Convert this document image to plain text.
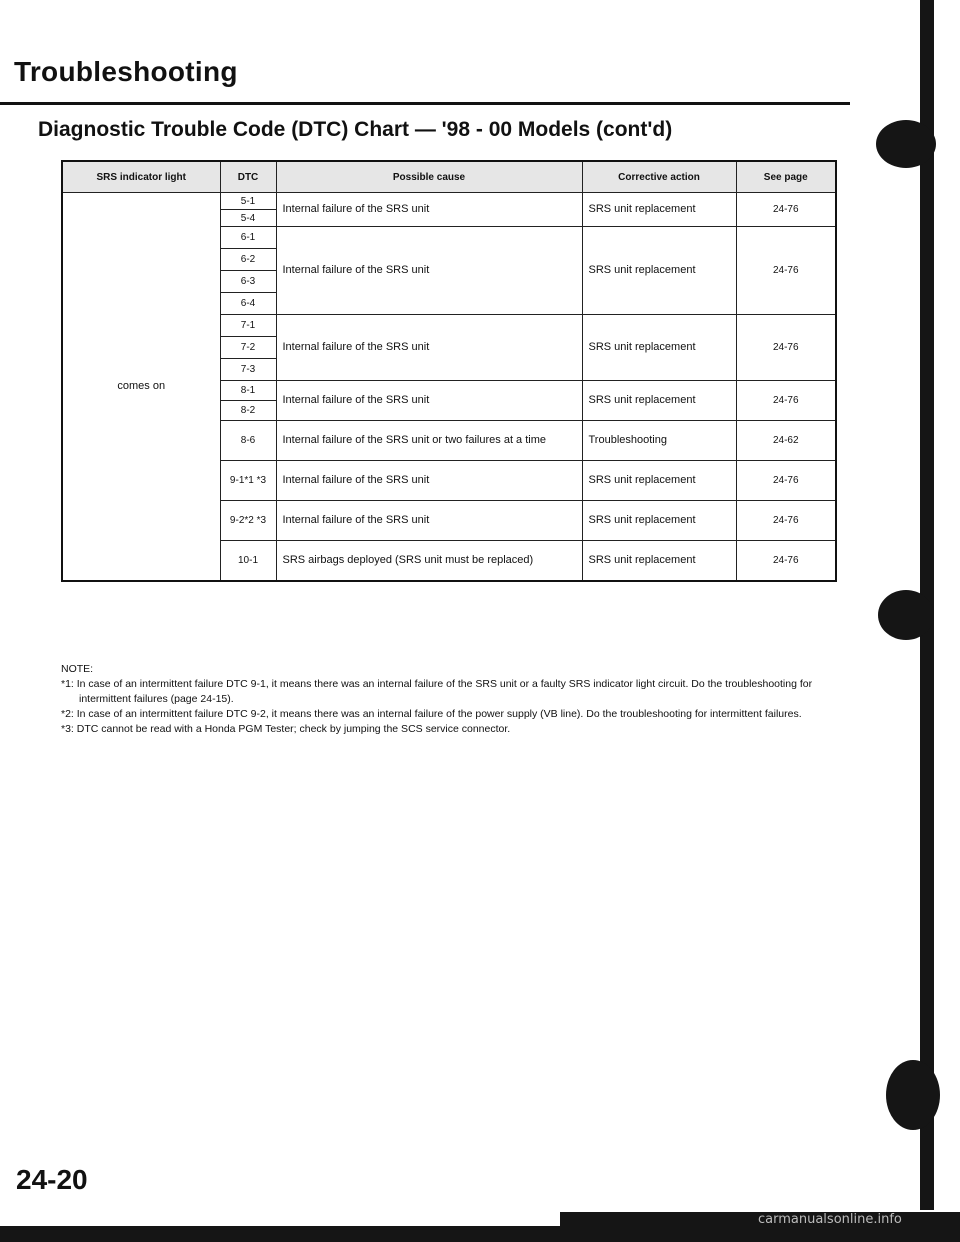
Troubleshooting
Diagnostic Trouble Code (DTC) Chart — '98 - 00 Models (cont'd)
SRS indicator light	DTC	Possible cause	Corrective action	See page
comes on	5-1	Internal failure of the SRS unit	SRS unit replacement	24-76
	5-4			
	6-1	Internal failure of the SRS unit	SRS unit replacement	24-76
	6-2			
	6-3			
	6-4			
	7-1	Internal failure of the SRS unit	SRS unit replacement	24-76
	7-2			
	7-3			
	8-1	Internal failure of the SRS unit	SRS unit replacement	24-76
	8-2			
	8-6	Internal failure of the SRS unit or two failures at a time	Troubleshooting	24-62
	9-1*1 *3	Internal failure of the SRS unit	SRS unit replacement	24-76
	9-2*2 *3	Internal failure of the SRS unit	SRS unit replacement	24-76
	10-1	SRS airbags deployed (SRS unit must be replaced)	SRS unit replacement	24-76
NOTE:
*1: In case of an intermittent failure DTC 9-1, it means there was an internal failure of the SRS unit or a faulty SRS indicator light circuit. Do the troubleshooting for intermittent failures (page 24-15).
*2: In case of an intermittent failure DTC 9-2, it means there was an internal failure of the power supply (VB line). Do the troubleshooting for intermittent failures.
*3: DTC cannot be read with a Honda PGM Tester; check by jumping the SCS service connector.
24-20
carmanualsonline.info
